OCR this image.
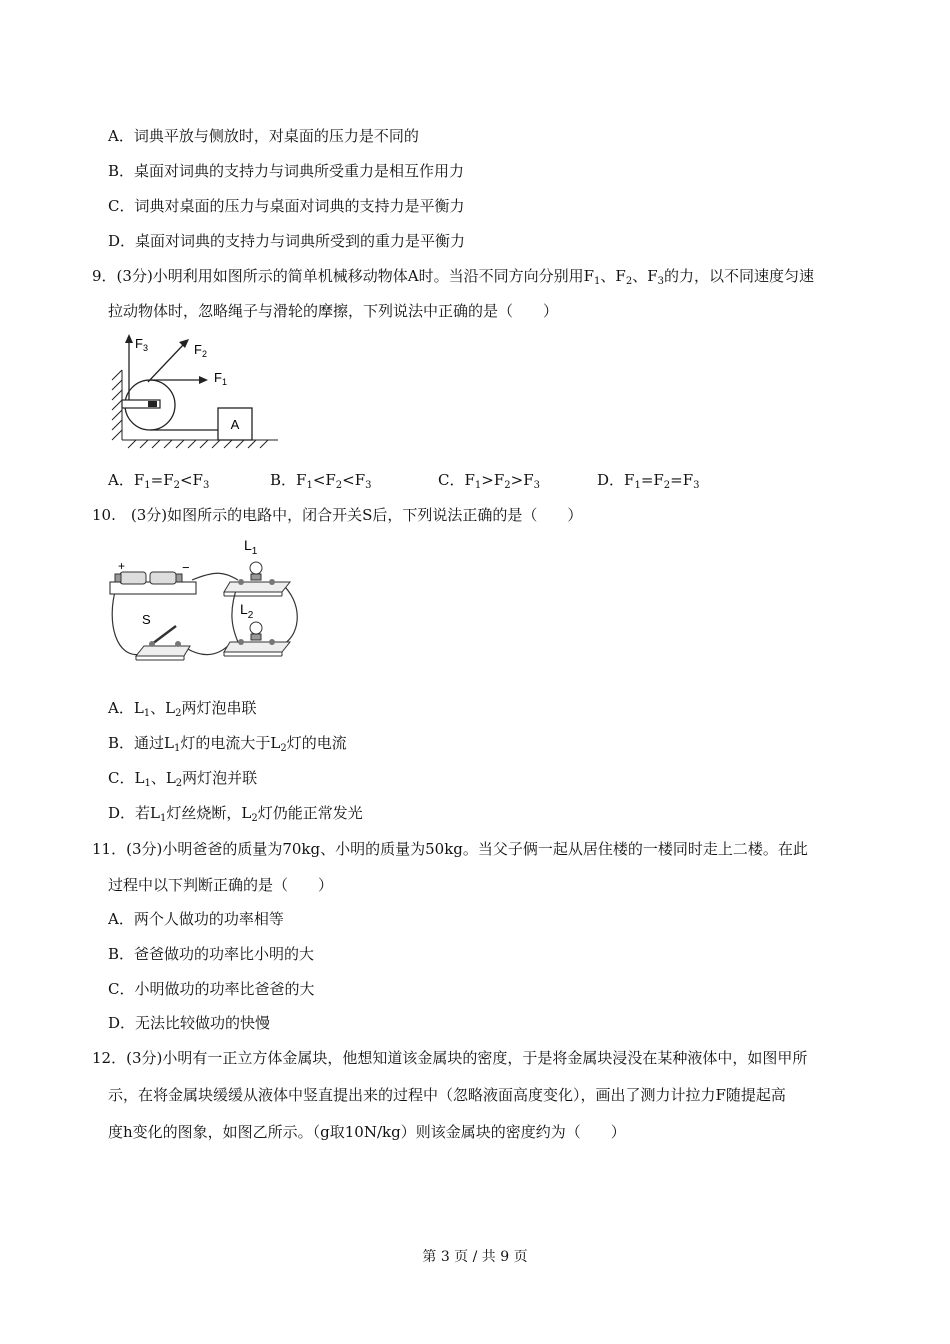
A．词典平放与侧放时，对桌面的压力是不同的
B．桌面对词典的支持力与词典所受重力是相互作用力
C．词典对桌面的压力与桌面对词典的支持力是平衡力
D．桌面对词典的支持力与词典所受到的重力是平衡力
9．(3分)小明利用如图所示的简单机械移动物体A时。当沿不同方向分别用$F_1$、$F_2$、$F_3$的力，以不同速度匀速
拉动物体时，忽略绳子与滑轮的摩擦，下列说法中正确的是（　　）
A
$F_3$	$F_2$
$F_1$
A．$F_1=F_2<F_3$	B．$F_1<F_2<F_3$	C．$F_1>F_2>F_3$	D．$F_1=F_2=F_3$
10.　(3分)如图所示的电路中，闭合开关S后，下列说法正确的是（　　）
+	−
$L_1$
$L_2$
S
A．$L_1$、$L_2$两灯泡串联
B．通过$L_1$灯的电流大于$L_2$灯的电流
C．$L_1$、$L_2$两灯泡并联
D．若$L_1$灯丝烧断，$L_2$灯仍能正常发光
11．(3分)小明爸爸的质量为70kg、小明的质量为50kg。当父子俩一起从居住楼的一楼同时走上二楼。在此
过程中以下判断正确的是（　　）
A．两个人做功的功率相等
B．爸爸做功的功率比小明的大
C．小明做功的功率比爸爸的大
D．无法比较做功的快慢
12．(3分)小明有一正立方体金属块，他想知道该金属块的密度，于是将金属块浸没在某种液体中，如图甲所
示，在将金属块缓缓从液体中竖直提出来的过程中（忽略液面高度变化），画出了测力计拉力F随提起高
度h变化的图象，如图乙所示。（g取10N/kg）则该金属块的密度约为（　　）
第 3 页 / 共 9 页
